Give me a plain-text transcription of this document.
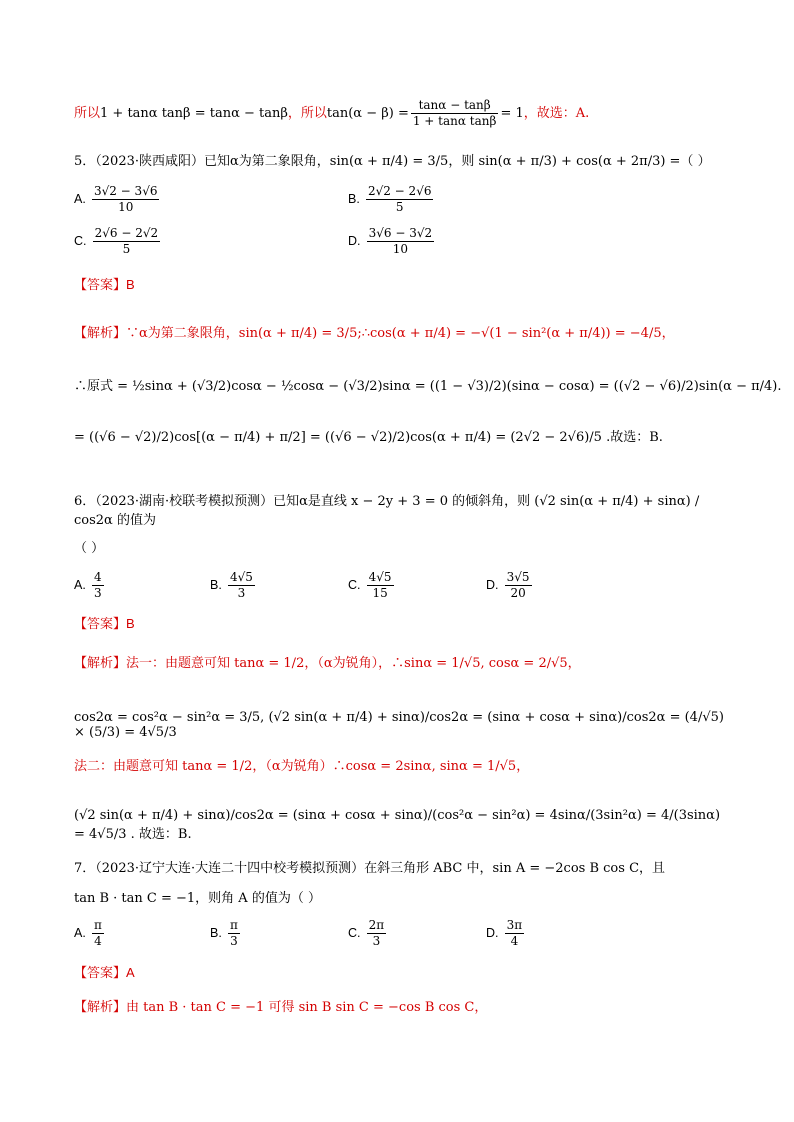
所以1 + tanα tanβ = tanα − tanβ，所以$\tan(\alpha - \beta) = \frac{\tan\alpha - \tan\beta}{\text{1 + tanα tanβ}} = 1$，故选：A.
5．（2023·陕西咸阳）已知α为第二象限角，sin(α + π/4) = 3/5，则 sin(α + π/3) + cos(α + 2π/3) =（ ）
A. $\frac{3√2 - 3√6}{10}$	B. $\frac{2√2 - 2√6}{5}$
C. $\frac{2√6 - 2√2}{5}$	D. $\frac{3√6 - 3√2}{10}$
【答案】B
【解析】∵α为第二象限角，sin(α + π/4) = 3/5;∴cos(α + π/4) = −√(1 − sin²(α + π/4)) = −4/5，
∴原式 = ½sinα + (√3/2)cosα − ½cosα − (√3/2)sinα = ((1 − √3)/2)(sinα − cosα) = ((√2 − √6)/2)sin(α − π/4).
= ((√6 − √2)/2)cos[(α − π/4) + π/2] = ((√6 − √2)/2)cos(α + π/4) = (2√2 − 2√6)/5 .故选：B.
6．（2023·湖南·校联考模拟预测）已知α是直线 x − 2y + 3 = 0 的倾斜角，则 (√2 sin(α + π/4) + sinα) / cos2α 的值为
（ ）
A. $\frac{4}{3}$	B. $\frac{4√5}{3}$	C. $\frac{4√5}{15}$	D. $\frac{3√5}{20}$
【答案】B
【解析】法一：由题意可知 tanα = 1/2，（α为锐角），∴sinα = 1/√5, cosα = 2/√5，
cos2α = cos²α − sin²α = 3/5, (√2 sin(α + π/4) + sinα)/cos2α = (sinα + cosα + sinα)/cos2α = (4/√5) × (5/3) = 4√5/3
法二：由题意可知 tanα = 1/2，（α为锐角）∴cosα = 2sinα, sinα = 1/√5，
(√2 sin(α + π/4) + sinα)/cos2α = (sinα + cosα + sinα)/(cos²α − sin²α) = 4sinα/(3sin²α) = 4/(3sinα) = 4√5/3 . 故选：B.
7．（2023·辽宁大连·大连二十四中校考模拟预测）在斜三角形 ABC 中，sin A = −2cos B cos C，且
tan B · tan C = −1，则角 A 的值为（ ）
A. $\frac{\pi}{4}$	B. $\frac{\pi}{3}$	C. $\frac{2\pi}{3}$	D. $\frac{3\pi}{4}$
【答案】A
【解析】由 tan B · tan C = −1 可得 sin B sin C = −cos B cos C，
